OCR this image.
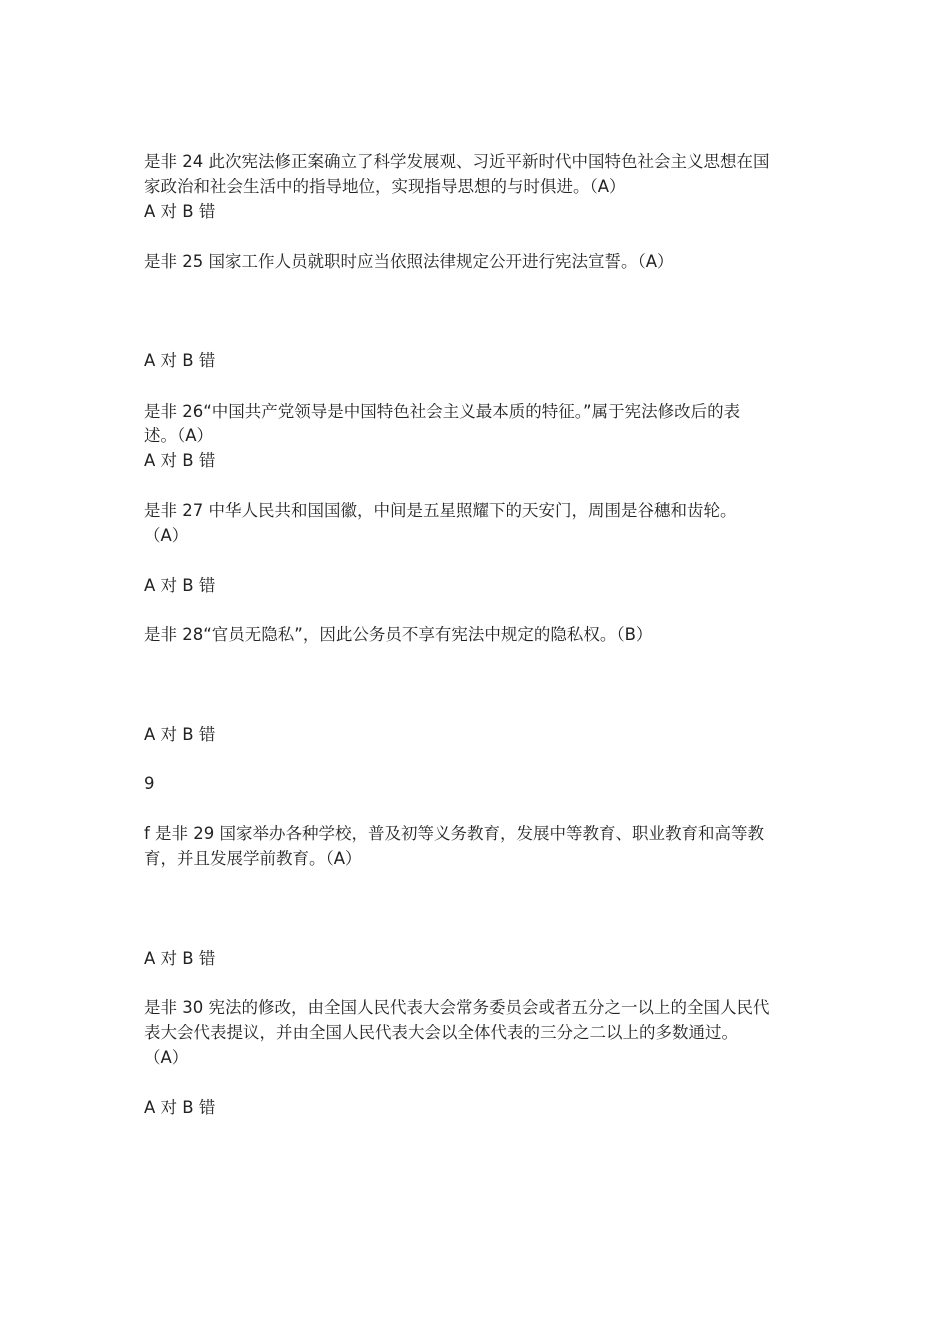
是非 24 此次宪法修正案确立了科学发展观、习近平新时代中国特色社会主义思想在国
家政治和社会生活中的指导地位，实现指导思想的与时俱进。（A）
A 对 B 错
是非 25 国家工作人员就职时应当依照法律规定公开进行宪法宣誓。（A）
A 对 B 错
是非 26“中国共产党领导是中国特色社会主义最本质的特征。”属于宪法修改后的表
述。（A）
A 对 B 错
是非 27 中华人民共和国国徽，中间是五星照耀下的天安门，周围是谷穗和齿轮。
（A）
A 对 B 错
是非 28“官员无隐私”，因此公务员不享有宪法中规定的隐私权。（B）
A 对 B 错
9
f 是非 29 国家举办各种学校，普及初等义务教育，发展中等教育、职业教育和高等教
育，并且发展学前教育。（A）
A 对 B 错
是非 30 宪法的修改，由全国人民代表大会常务委员会或者五分之一以上的全国人民代
表大会代表提议，并由全国人民代表大会以全体代表的三分之二以上的多数通过。
（A）
A 对 B 错
